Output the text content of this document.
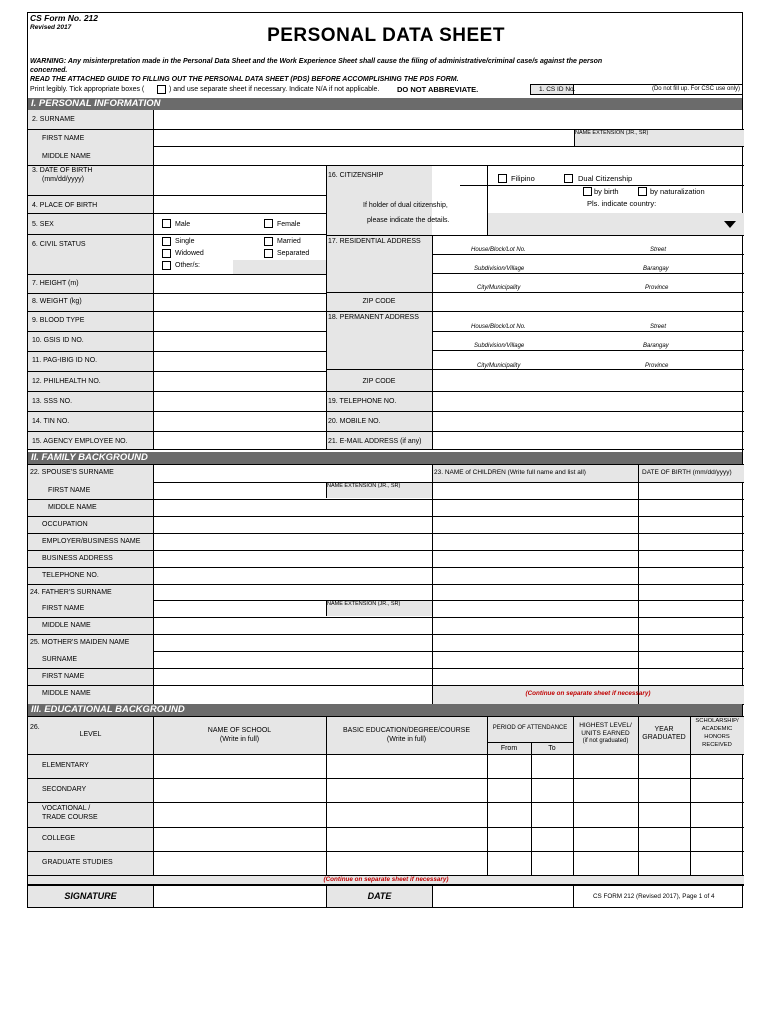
CS Form No. 212
Revised 2017	PERSONAL DATA SHEET
WARNING: Any misinterpretation made in the Personal Data Sheet and the Work Experience Sheet shall cause the filing of administrative/criminal case/s against the person
concerned.
READ THE ATTACHED GUIDE TO FILLING OUT THE PERSONAL DATA SHEET (PDS) BEFORE ACCOMPLISHING THE PDS FORM.
Print legibly. Tick appropriate boxes (	) and use separate sheet if necessary. Indicate N/A if not applicable. DO NOT ABBREVIATE.	1. CS ID No.	(Do not fill up. For CSC use only)
I. PERSONAL INFORMATION
2. SURNAME
FIRST NAME
NAME EXTENSION (JR., SR)
MIDDLE NAME
3. DATE OF BIRTH
(mm/dd/yyyy)
4. PLACE OF BIRTH
5. SEX	Male	Female
6. CIVIL STATUS	Single	Married
Widowed	Separated
Other/s:
7. HEIGHT (m)
8. WEIGHT (kg)
9. BLOOD TYPE
10. GSIS ID NO.
11. PAG-IBIG ID NO.
12. PHILHEALTH NO.
13. SSS NO.
14. TIN NO.
15. AGENCY EMPLOYEE NO.
16. CITIZENSHIP
If holder of dual citizenship,
please indicate the details.
Filipino	Dual Citizenship
by birth	by naturalization
Pls. indicate country:
17. RESIDENTIAL ADDRESS
House/Block/Lot No.	Street
Subdivision/Village	Barangay
City/Municipality	Province
ZIP CODE
18. PERMANENT ADDRESS
House/Block/Lot No.	Street
Subdivision/Village	Barangay
City/Municipality	Province
ZIP CODE
19. TELEPHONE NO.
20. MOBILE NO.
21. E-MAIL ADDRESS (if any)
II. FAMILY BACKGROUND
22. SPOUSE'S SURNAME
FIRST NAME
NAME EXTENSION (JR., SR)
MIDDLE NAME
OCCUPATION
EMPLOYER/BUSINESS NAME
BUSINESS ADDRESS
TELEPHONE NO.
24. FATHER'S SURNAME
FIRST NAME
NAME EXTENSION (JR., SR)
MIDDLE NAME
25. MOTHER'S MAIDEN NAME
SURNAME
FIRST NAME
MIDDLE NAME
23. NAME of CHILDREN (Write full name and list all)	DATE OF BIRTH (mm/dd/yyyy)
(Continue on separate sheet if necessary)
III. EDUCATIONAL BACKGROUND
26.
LEVEL
NAME OF SCHOOL
(Write in full)
BASIC EDUCATION/DEGREE/COURSE
(Write in full)
PERIOD OF ATTENDANCE
From	To
HIGHEST LEVEL/
UNITS EARNED
(if not graduated)
YEAR
GRADUATED
SCHOLARSHIP/
ACADEMIC
HONORS
RECEIVED
ELEMENTARY
SECONDARY
VOCATIONAL /
TRADE COURSE
COLLEGE
GRADUATE STUDIES
(Continue on separate sheet if necessary)
SIGNATURE	DATE	CS FORM 212 (Revised 2017), Page 1 of 4
